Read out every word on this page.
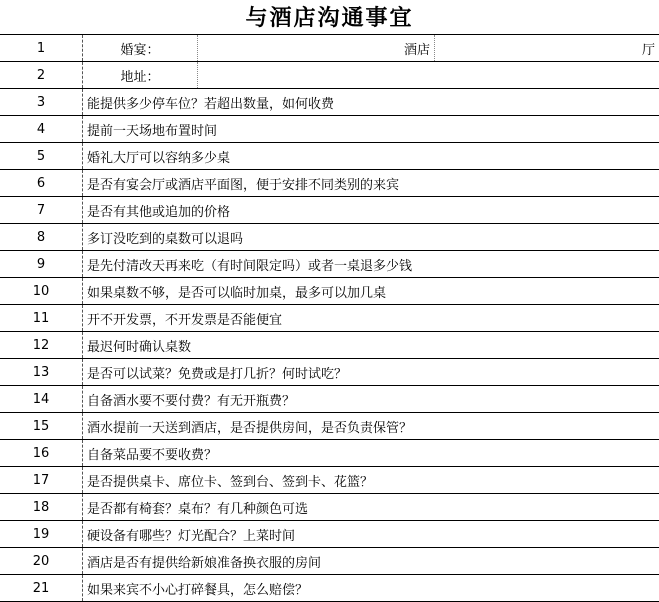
与酒店沟通事宜
1	婚宴：	酒店	厅
2	地址：		
3	能提供多少停车位？若超出数量，如何收费		
4	提前一天场地布置时间		
5	婚礼大厅可以容纳多少桌		
6	是否有宴会厅或酒店平面图，便于安排不同类别的来宾		
7	是否有其他或追加的价格		
8	多订没吃到的桌数可以退吗		
9	是先付清改天再来吃（有时间限定吗）或者一桌退多少钱		
10	如果桌数不够，是否可以临时加桌，最多可以加几桌		
11	开不开发票，不开发票是否能便宜		
12	最迟何时确认桌数		
13	是否可以试菜？免费或是打几折？何时试吃？		
14	自备酒水要不要付费？有无开瓶费？		
15	酒水提前一天送到酒店，是否提供房间，是否负责保管？		
16	自备菜品要不要收费？		
17	是否提供桌卡、席位卡、签到台、签到卡、花篮？		
18	是否都有椅套？桌布？有几种颜色可选		
19	硬设备有哪些？灯光配合？上菜时间		
20	酒店是否有提供给新娘准备换衣服的房间		
21	如果来宾不小心打碎餐具，怎么赔偿？		
